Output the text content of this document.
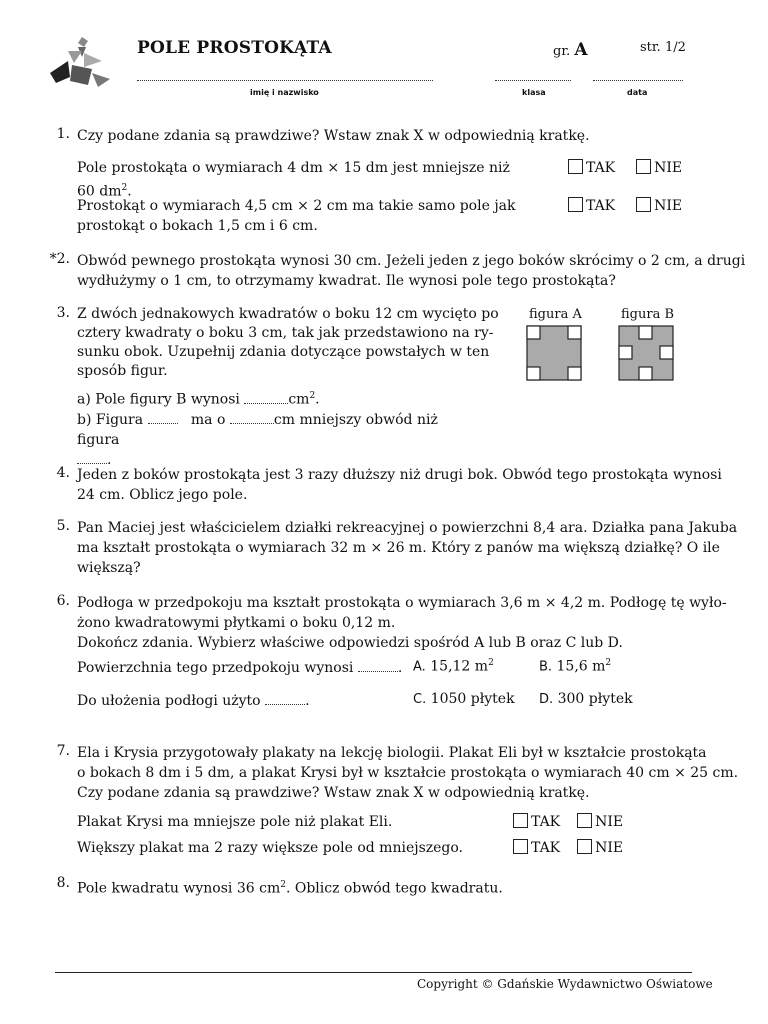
POLE PROSTOKĄTA	gr. A	str. 1/2
imię i nazwisko	klasa	data
1. Czy podane zdania są prawdziwe? Wstaw znak X w odpowiednią kratkę.
Pole prostokąta o wymiarach 4 dm × 15 dm jest mniejsze niż
60 $dm^2$.
TAK	NIE
Prostokąt o wymiarach 4,5 cm × 2 cm ma takie samo pole jak
prostokąt o bokach 1,5 cm i 6 cm.
TAK	NIE
*2. Obwód pewnego prostokąta wynosi 30 cm. Jeżeli jeden z jego boków skrócimy o 2 cm, a drugi
wydłużymy o 1 cm, to otrzymamy kwadrat. Ile wynosi pole tego prostokąta?
3. Z dwóch jednakowych kwadratów o boku 12 cm wycięto po
cztery kwadraty o boku 3 cm, tak jak przedstawiono na ry-
sunku obok. Uzupełnij zdania dotyczące powstałych w ten
sposób figur.
a) Pole figury B wynosi	$cm^2$.
b) Figura	ma o	cm mniejszy obwód niż figura
.
figura A	figura B
4. Jeden z boków prostokąta jest 3 razy dłuższy niż drugi bok. Obwód tego prostokąta wynosi
24 cm. Oblicz jego pole.
5. Pan Maciej jest właścicielem działki rekreacyjnej o powierzchni 8,4 ara. Działka pana Jakuba
ma kształt prostokąta o wymiarach 32 m × 26 m. Który z panów ma większą działkę? O ile
większą?
6. Podłoga w przedpokoju ma kształt prostokąta o wymiarach 3,6 m × 4,2 m. Podłogę tę wyło-
żono kwadratowymi płytkami o boku 0,12 m.
Dokończ zdania. Wybierz właściwe odpowiedzi spośród A lub B oraz C lub D.
Powierzchnia tego przedpokoju wynosi	. A. 15,12 $m^2$	B. 15,6 $m^2$
Do ułożenia podłogi użyto	.	C. 1050 płytek D. 300 płytek
7. Ela i Krysia przygotowały plakaty na lekcję biologii. Plakat Eli był w kształcie prostokąta
o bokach 8 dm i 5 dm, a plakat Krysi był w kształcie prostokąta o wymiarach 40 cm × 25 cm.
Czy podane zdania są prawdziwe? Wstaw znak X w odpowiednią kratkę.
Plakat Krysi ma mniejsze pole niż plakat Eli.	TAK NIE
Większy plakat ma 2 razy większe pole od mniejszego.	TAK NIE
8. Pole kwadratu wynosi 36 $cm^2$. Oblicz obwód tego kwadratu.
Copyright © Gdańskie Wydawnictwo Oświatowe
